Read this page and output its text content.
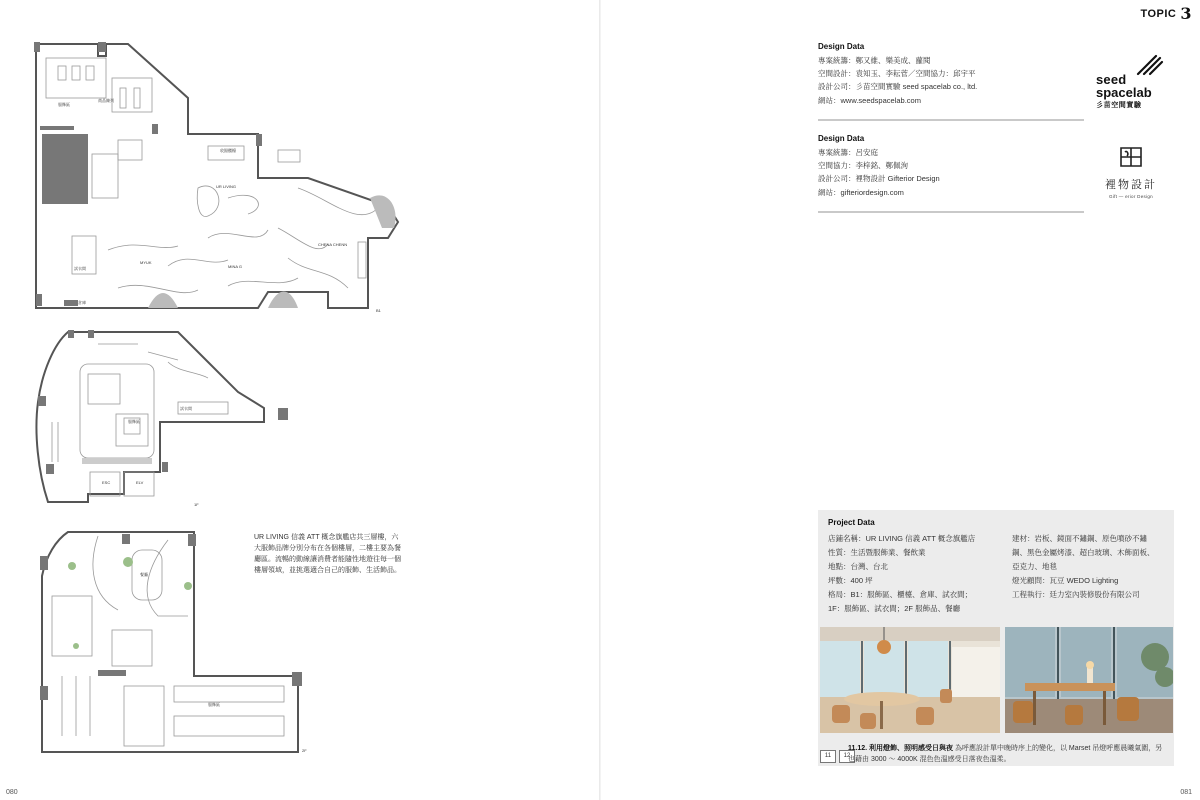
TOPIC 3
商品陳列
試衣間
倉庫
UR LIVING
CHENA CHENN
MYUK
MINA G
收銀櫃檯
服飾區
B1
服飾區
試衣間
ESC	ELV
1F
餐廳
服飾區
2F
UR LIVING 信義 ATT 概念旗艦店共三層樓，六大服飾品牌分別分布在各個樓層，二樓主要為餐廳區。流暢的動線讓消費者能隨性地遊往每一個樓層領域，並挑選適合自己的服飾、生活飾品。
Design Data
專案統籌：鄭又維、樂美成、蘿閱
空間設計：袁知玉、李耘菅／空間協力：邱宇平
設計公司：彡苗空間實驗 seed spacelab co., ltd.
網站：www.seedspacelab.com
seed
spacelab
彡苗空間實驗
Design Data
專案統籌：呂安庭
空間協力：李梓銘、鄭佩洵
設計公司：裡物設計 Gifterior Design
網站：gifteriordesign.com
裡物設計
Gift — erior Design
Project Data
店鋪名稱：UR LIVING 信義 ATT 概念旗艦店
性質：生活暨服飾業、餐飲業
地點：台灣、台北
坪數：400 坪
格局：B1：服飾區、櫃檯、倉庫、試衣間；
1F：服飾區、試衣間；2F 服飾品、餐廳
建材：岩板、鏡面不鏽鋼、原色噴砂不鏽
鋼、黑色金屬烤漆、超白玻璃、木飾面板、
亞克力、地毯
燈光顧問：瓦豆 WEDO Lighting
工程執行：廷力室內裝修股份有限公司
11	12
11.12. 利用燈飾、照明感受日與夜 為呼應設計單中晚時序上的變化，以 Marset 吊燈呼應晨曦氣圍，另也藉由 3000 ～ 4000K 混色色溫感受日落夜色溫柔。
080	081
